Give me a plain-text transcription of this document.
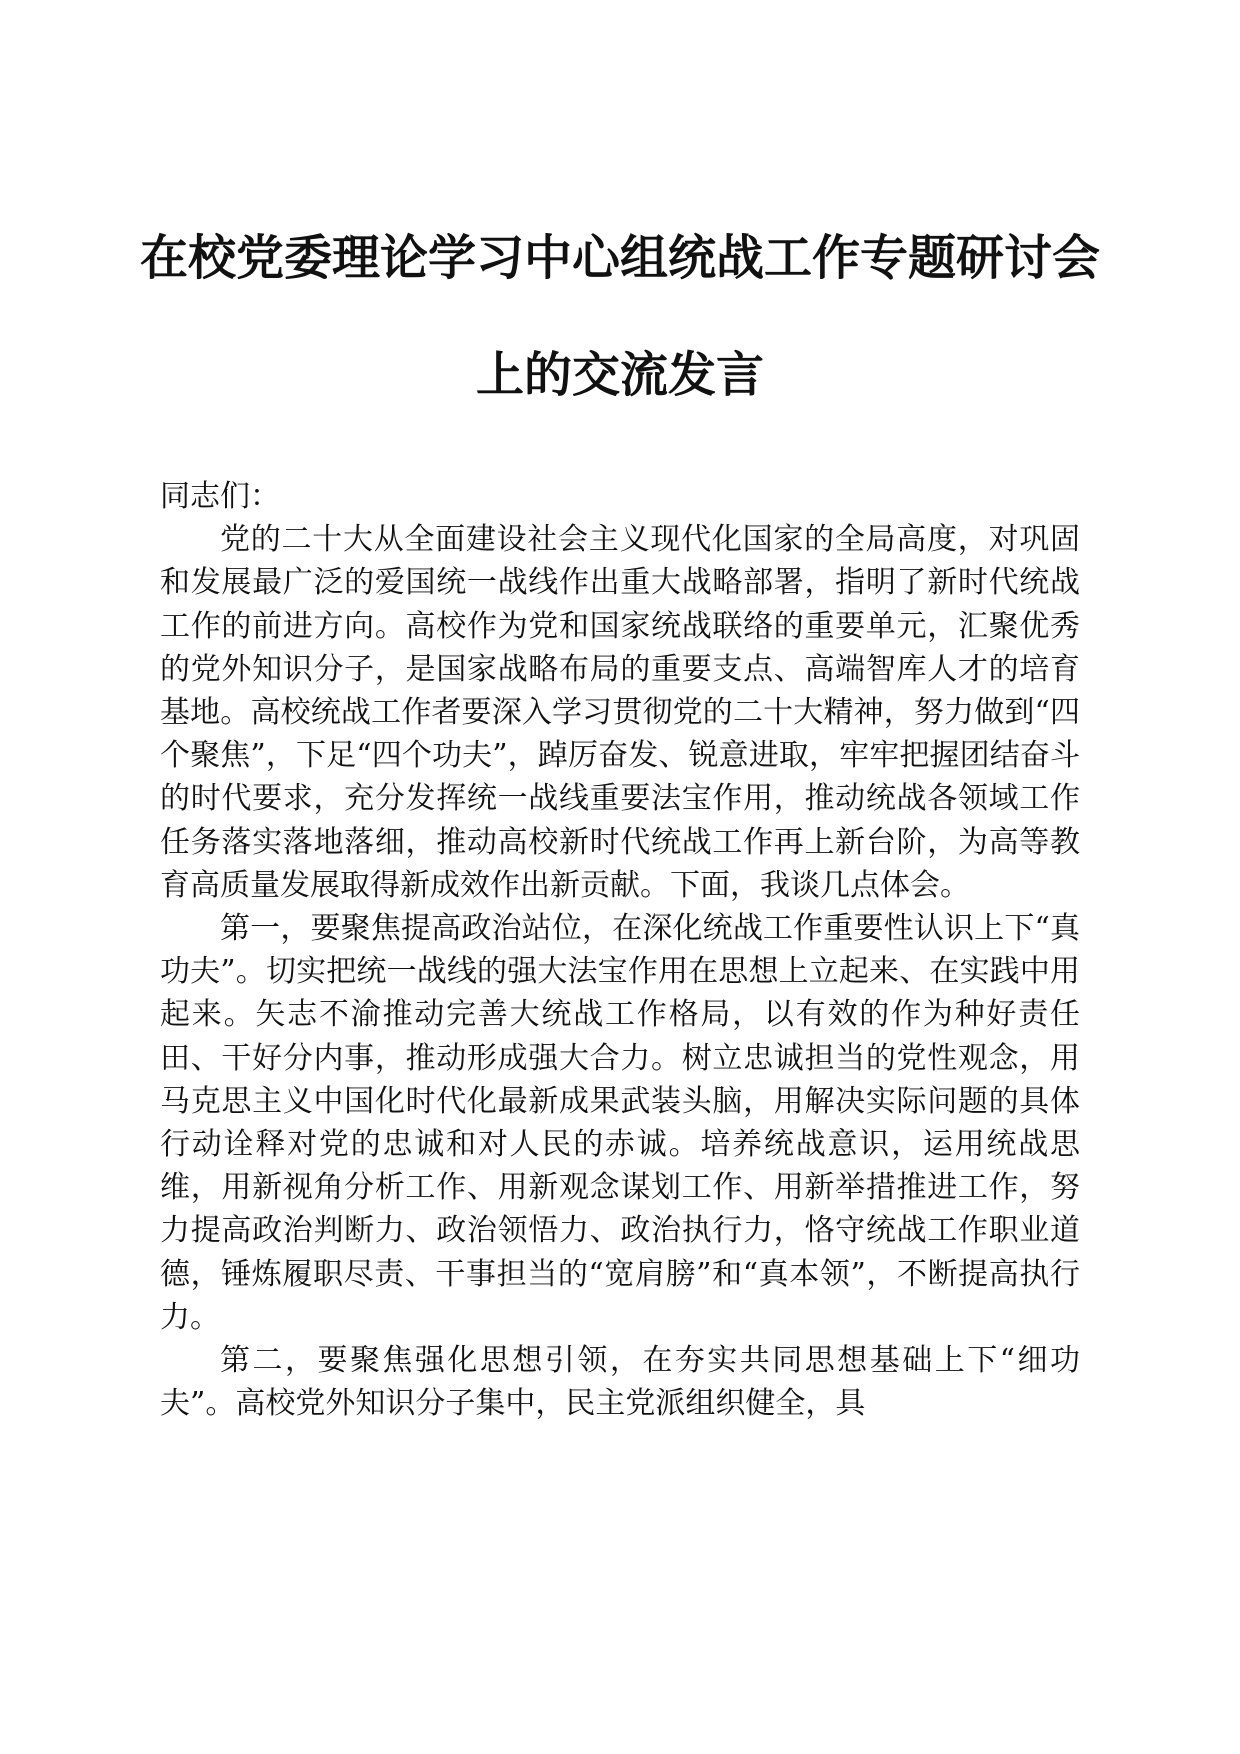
在校党委理论学习中心组统战工作专题研讨会
上的交流发言

同志们：

党的二十大从全面建设社会主义现代化国家的全局高度，对巩固和发展最广泛的爱国统一战线作出重大战略部署，指明了新时代统战工作的前进方向。高校作为党和国家统战联络的重要单元，汇聚优秀的党外知识分子，是国家战略布局的重要支点、高端智库人才的培育基地。高校统战工作者要深入学习贯彻党的二十大精神，努力做到“四个聚焦”，下足“四个功夫”，踔厉奋发、锐意进取，牢牢把握团结奋斗的时代要求，充分发挥统一战线重要法宝作用，推动统战各领域工作任务落实落地落细，推动高校新时代统战工作再上新台阶，为高等教育高质量发展取得新成效作出新贡献。下面，我谈几点体会。

第一，要聚焦提高政治站位，在深化统战工作重要性认识上下“真功夫”。切实把统一战线的强大法宝作用在思想上立起来、在实践中用起来。矢志不渝推动完善大统战工作格局，以有效的作为种好责任田、干好分内事，推动形成强大合力。树立忠诚担当的党性观念，用马克思主义中国化时代化最新成果武装头脑，用解决实际问题的具体行动诠释对党的忠诚和对人民的赤诚。培养统战意识，运用统战思维，用新视角分析工作、用新观念谋划工作、用新举措推进工作，努力提高政治判断力、政治领悟力、政治执行力，恪守统战工作职业道德，锤炼履职尽责、干事担当的“宽肩膀”和“真本领”，不断提高执行力。

第二，要聚焦强化思想引领，在夯实共同思想基础上下“细功夫”。高校党外知识分子集中，民主党派组织健全，具
